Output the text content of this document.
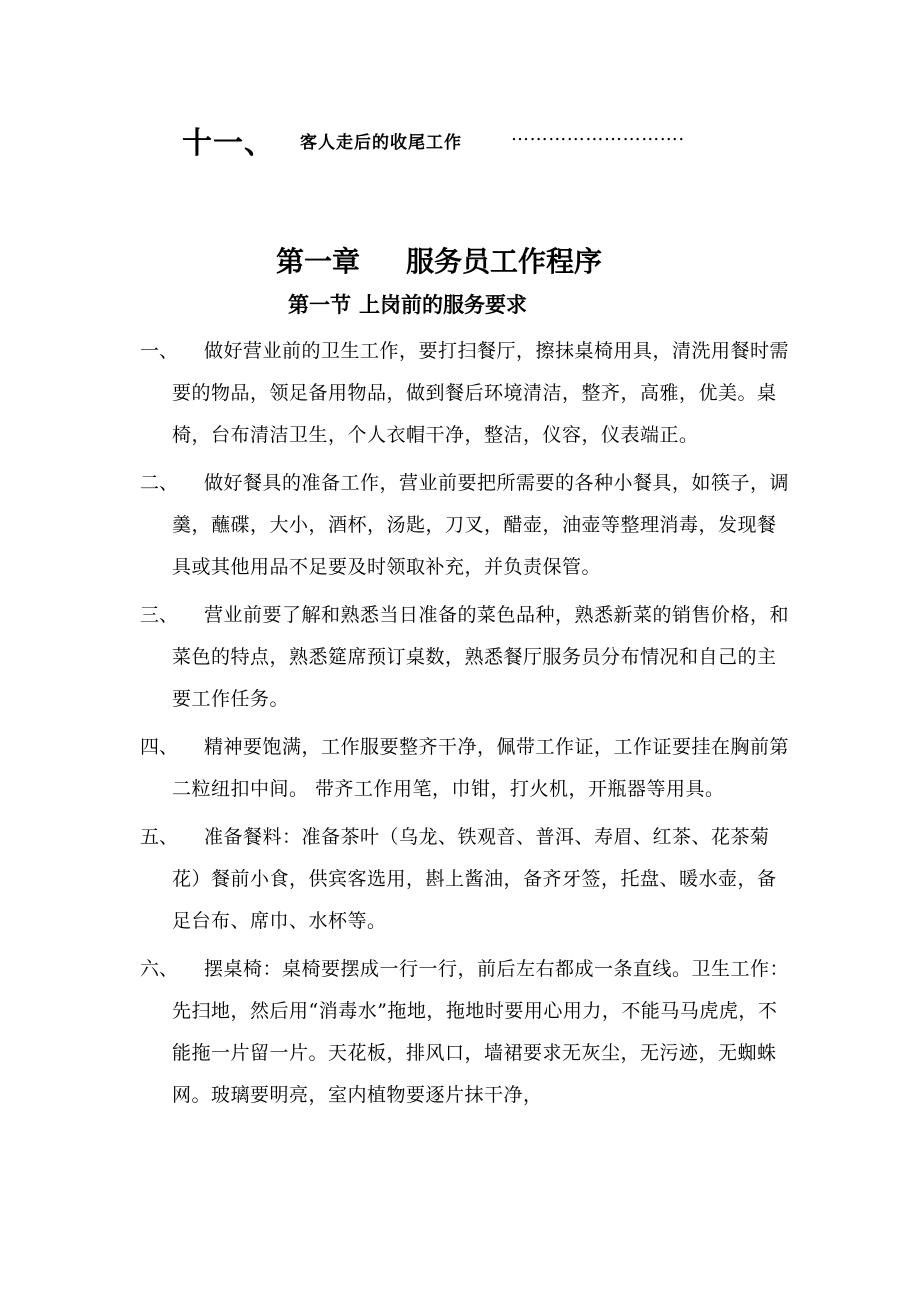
十一、 客人走后的收尾工作	……………………….
第一章 服务员工作程序
第一节 上岗前的服务要求
一、	做好营业前的卫生工作，要打扫餐厅，擦抹桌椅用具，清洗用餐时需要的物品，领足备用物品，做到餐后环境清洁，整齐，高雅，优美。桌椅，台布清洁卫生，个人衣帽干净，整洁，仪容，仪表端正。
二、	做好餐具的准备工作，营业前要把所需要的各种小餐具，如筷子，调羹，蘸碟，大小，酒杯，汤匙，刀叉，醋壶，油壶等整理消毒，发现餐具或其他用品不足要及时领取补充，并负责保管。
三、	营业前要了解和熟悉当日准备的菜色品种，熟悉新菜的销售价格，和菜色的特点，熟悉筵席预订桌数，熟悉餐厅服务员分布情况和自己的主要工作任务。
四、	精神要饱满，工作服要整齐干净，佩带工作证，工作证要挂在胸前第二粒纽扣中间。 带齐工作用笔，巾钳，打火机，开瓶器等用具。
五、	准备餐料：准备茶叶（乌龙、铁观音、普洱、寿眉、红茶、花茶菊花）餐前小食，供宾客选用，斟上酱油，备齐牙签，托盘、暖水壶，备足台布、席巾、水杯等。
六、	摆桌椅：桌椅要摆成一行一行，前后左右都成一条直线。卫生工作：先扫地，然后用“消毒水”拖地，拖地时要用心用力，不能马马虎虎，不能拖一片留一片。天花板，排风口，墙裙要求无灰尘，无污迹，无蜘蛛网。玻璃要明亮，室内植物要逐片抹干净，
